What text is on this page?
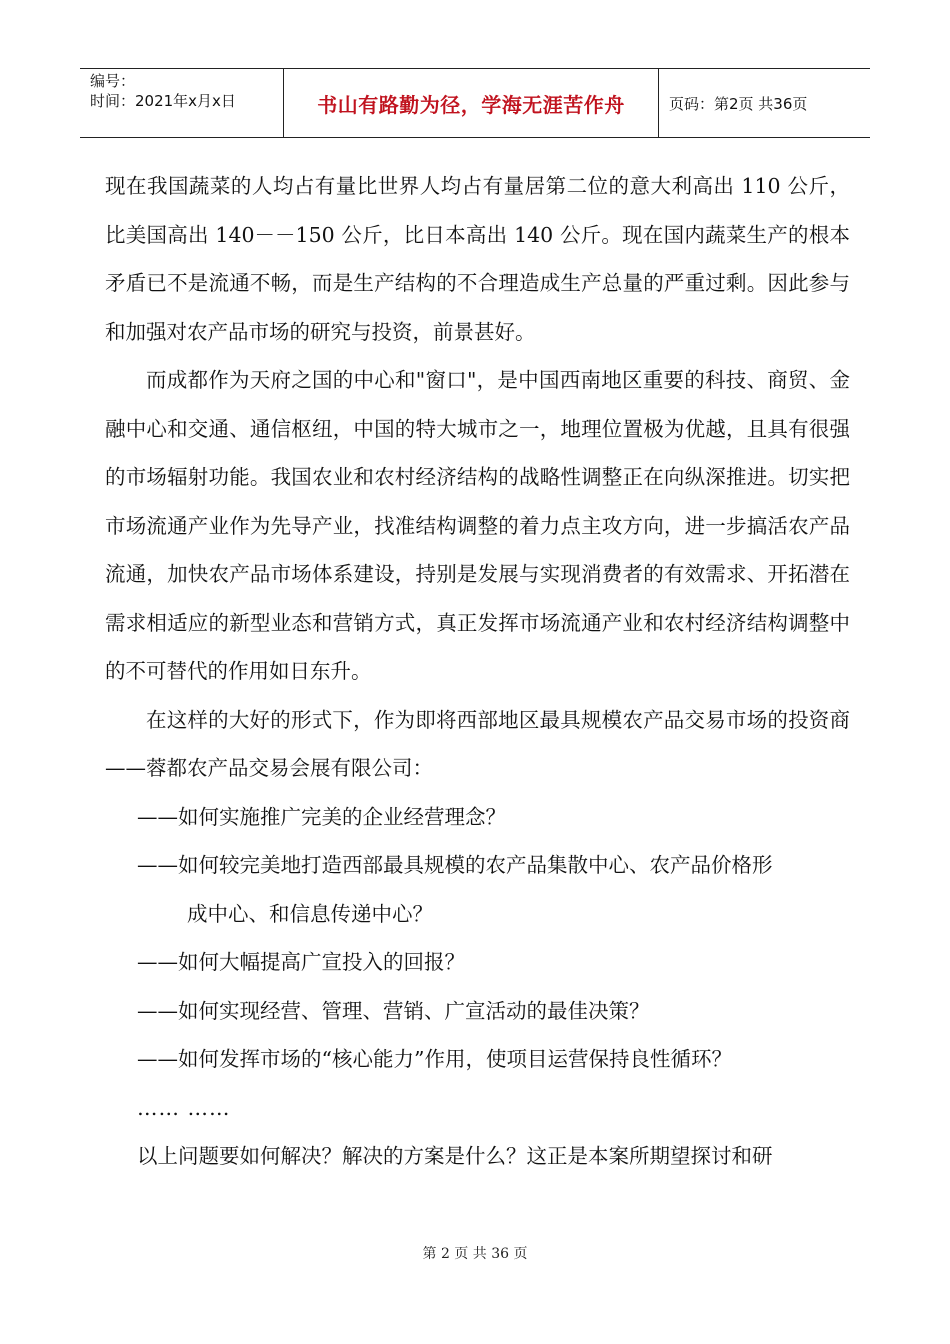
编号：
时间：2021年x月x日	书山有路勤为径，学海无涯苦作舟	页码：第2页 共36页

现在我国蔬菜的人均占有量比世界人均占有量居第二位的意大利高出 110 公斤，比美国高出 140－－150 公斤，比日本高出 140 公斤。现在国内蔬菜生产的根本矛盾已不是流通不畅，而是生产结构的不合理造成生产总量的严重过剩。因此参与和加强对农产品市场的研究与投资，前景甚好。

而成都作为天府之国的中心和"窗口"，是中国西南地区重要的科技、商贸、金融中心和交通、通信枢纽，中国的特大城市之一，地理位置极为优越，且具有很强的市场辐射功能。我国农业和农村经济结构的战略性调整正在向纵深推进。切实把市场流通产业作为先导产业，找准结构调整的着力点主攻方向，进一步搞活农产品流通，加快农产品市场体系建设，持别是发展与实现消费者的有效需求、开拓潜在需求相适应的新型业态和营销方式，真正发挥市场流通产业和农村经济结构调整中的不可替代的作用如日东升。

在这样的大好的形式下，作为即将西部地区最具规模农产品交易市场的投资商——蓉都农产品交易会展有限公司：

——如何实施推广完美的企业经营理念？

——如何较完美地打造西部最具规模的农产品集散中心、农产品价格形

成中心、和信息传递中心？

——如何大幅提高广宣投入的回报？

——如何实现经营、管理、营销、广宣活动的最佳决策？

——如何发挥市场的“核心能力”作用，使项目运营保持良性循环？

…… ……

以上问题要如何解决？解决的方案是什么？这正是本案所期望探讨和研

第 2 页 共 36 页
